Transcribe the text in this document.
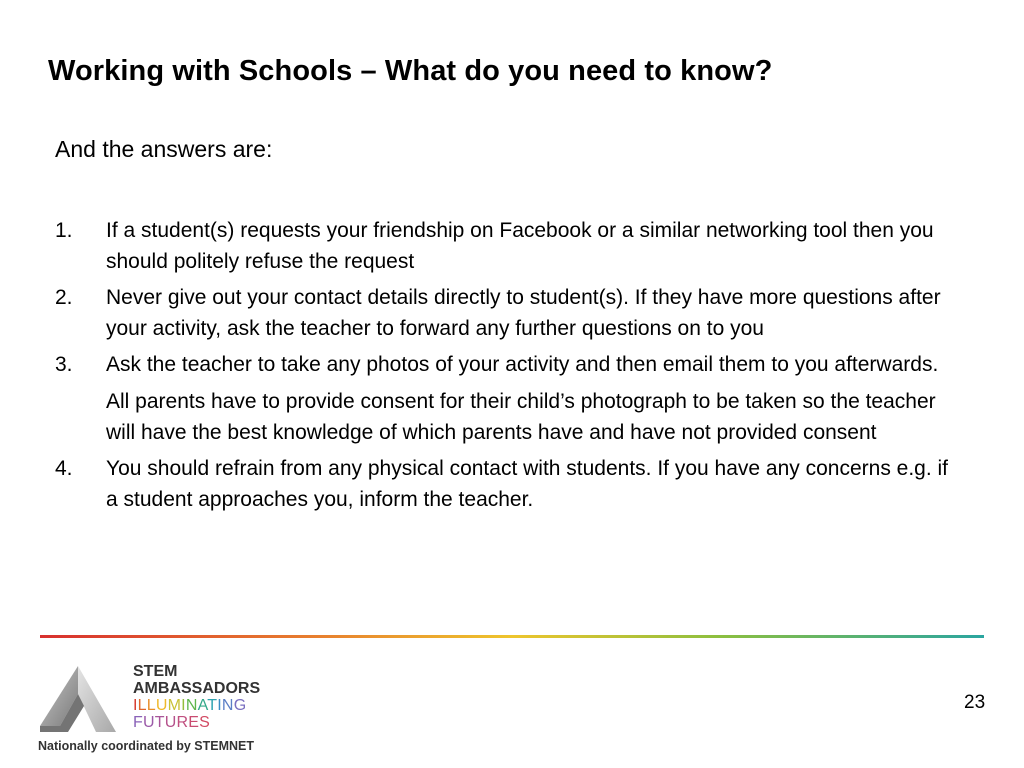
Working with Schools – What do you need to know?
And the answers are:
1.	If a student(s) requests your friendship on Facebook or a similar networking tool then you should politely refuse the request

2.	Never give out your contact details directly to student(s). If they have more questions after your activity, ask the teacher to forward any further questions on to you

3.	Ask the teacher to take any photos of your activity and then email them to you afterwards.

All parents have to provide consent for their child’s photograph to be taken so the teacher will have the best knowledge of which parents have and have not provided consent

4.	You should refrain from any physical contact with students. If you have any concerns e.g. if a student approaches you, inform the teacher.

STEM
AMBASSADORS
ILLUMINATING
FUTURES
Nationally coordinated by STEMNET
23
